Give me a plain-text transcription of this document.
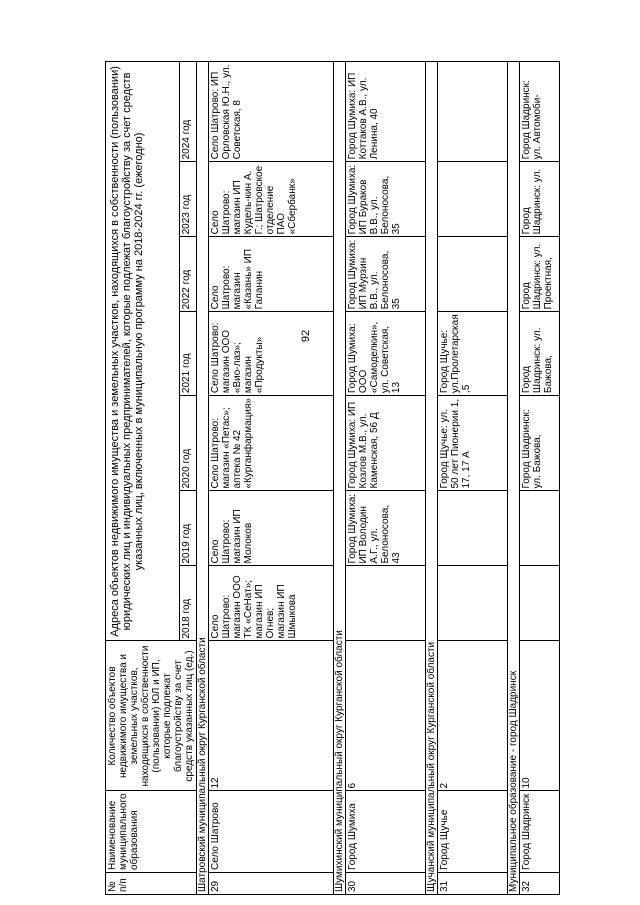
92
№ п/п	Наименование муниципального образования	Количество объектов недвижимого имущества и земельных участков, находящихся в собственности (пользовании) ЮЛ и ИП, которые подлежат благоустройству за счет средств указанных лиц (ед.)	Адреса объектов недвижимого имущества и земельных участков, находящихся в собственности (пользовании) юридических лиц и индивидуальных предпринимателей, которые подлежат благоустройству за счет средств указанных лиц, включенных в муниципальную программу на 2018-2024 гг. (ежегодно)						
			2018 год	2019 год	2020 год	2021 год	2022 год	2023 год	2024 год
Шатровский муниципальный округ Курганской области									
29	Село Шатрово	12	Село Шатрово: магазин ООО ТК «СеНат»; магазин ИП Огнев; магазин ИП Шмыкова	Село Шатрово: магазин ИП Молоков	Село Шатрово: магазин «Петас»; аптека № 42 «Курганфармация»	Село Шатрово: магазин ООО «Вио-лаз»; магазин «Продукты»	Село Шатрово: магазин «Казань» ИП Галанин	Село Шатрово: магазин ИП Кудель-кин А. Г.; Шатровское отделение ПАО «Сбербанк»	Село Шатрово: ИП Орловская Ю.Н., ул. Советская, 8
Шумихинский муниципальный округ Курганской области									
30	Город Шумиха	6		Город Шумиха: ИП Володин А.Г., ул. Белоносова, 43	Город Шумиха: ИП Козлов М.В., ул. Каменская, 56 Д	Город Шумиха: ООО «Самоделкин», ул. Советская, 13	Город Шумиха: ИП Мурзин В.В., ул. Белоносова, 35	Город Шумиха: ИП Бураков В.В., ул. Белоносова, 35	Город Шумиха: ИП Коттаков А.В., ул. Ленина, 40
Щучанский муниципальный округ Курганской области									
31	Город Щучье	2			Город Щучье: ул. 50 лет Пионерии 1, 17, 17 А	Город Щучье: ул.Пролетарская ,5			
Муниципальное образование - город Шадринск									
32	Город Шадринск	10			Город Шадринск: ул. Бажова,	Город Шадринск: ул. Бажова,	Город Шадринск: ул. Проектная,	Город Шадринск: ул.	Город Шадринск: ул. Автомоби-
